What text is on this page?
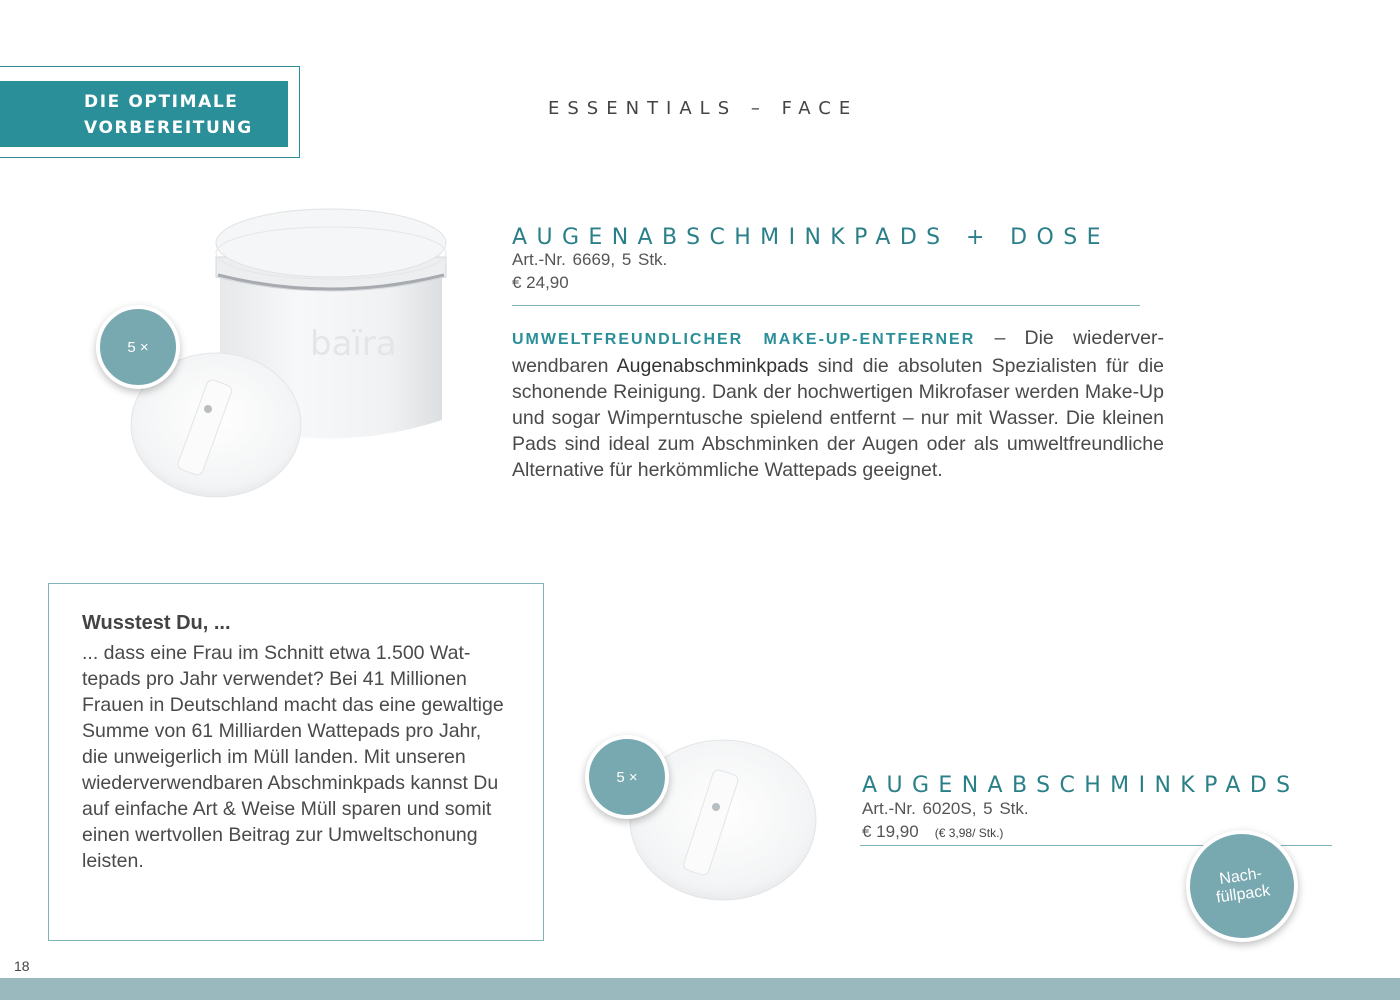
DIE OPTIMALE
VORBEREITUNG
ESSENTIALS – FACE
baïra
5 ×
AUGENABSCHMINKPADS + DOSE
Art.-Nr. 6669, 5 Stk.
€ 24,90
UMWELTFREUNDLICHER MAKE-UP-ENTFERNER – Die wiederverwendbaren Augenabschminkpads sind die absoluten Spezialisten für die schonende Reinigung. Dank der hochwertigen Mikrofaser werden Make-Up und sogar Wimperntusche spielend entfernt – nur mit Wasser. Die kleinen Pads sind ideal zum Abschminken der Augen oder als umweltfreundliche Alternative für herkömmliche Wattepads geeignet.
Wusstest Du, ...
... dass eine Frau im Schnitt etwa 1.500 Wattepads pro Jahr verwendet? Bei 41 Millionen Frauen in Deutschland macht das eine gewaltige Summe von 61 Milliarden Wattepads pro Jahr, die unweigerlich im Müll landen. Mit unseren wiederverwendbaren Abschminkpads kannst Du auf einfache Art & Weise Müll sparen und somit einen wertvollen Beitrag zur Umweltschonung leisten.
5 ×	AUGENABSCHMINKPADS
Art.-Nr. 6020S, 5 Stk.
€ 19,90 (€ 3,98/ Stk.)
Nach-
füllpack
18
